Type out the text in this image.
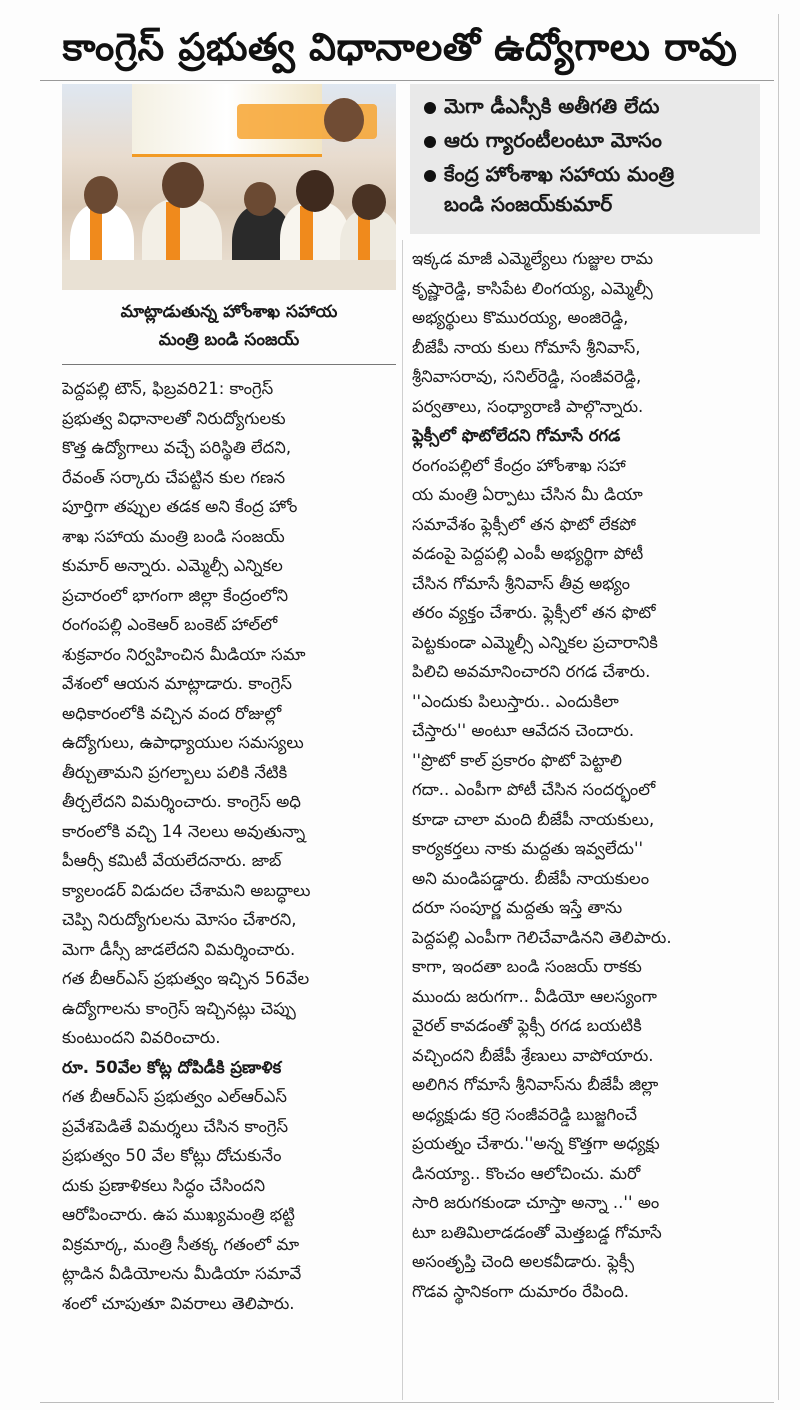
కాంగ్రెస్ ప్రభుత్వ విధానాలతో ఉద్యోగాలు రావు
మాట్లాడుతున్న హోంశాఖ సహాయ
మంత్రి బండి సంజయ్
మెగా డీఎస్సీకి అతీగతి లేదు
ఆరు గ్యారంటీలంటూ మోసం
కేంద్ర హోంశాఖ సహాయ మంత్రి
బండి సంజయ్‌కుమార్
పెద్దపల్లి టౌన్, ఫిబ్రవరి21: కాంగ్రెస్
ప్రభుత్వ విధానాలతో నిరుద్యోగులకు
కొత్త ఉద్యోగాలు వచ్చే పరిస్థితి లేదని,
రేవంత్ సర్కారు చేపట్టిన కుల గణన
పూర్తిగా తప్పుల తడక అని కేంద్ర హోం
శాఖ సహాయ మంత్రి బండి సంజయ్
కుమార్ అన్నారు. ఎమ్మెల్సీ ఎన్నికల
ప్రచారంలో భాగంగా జిల్లా కేంద్రంలోని
రంగంపల్లి ఎంకెఆర్ బంకెట్ హాల్‌లో
శుక్రవారం నిర్వహించిన మీడియా సమా
వేశంలో ఆయన మాట్లాడారు. కాంగ్రెస్
అధికారంలోకి వచ్చిన వంద రోజుల్లో
ఉద్యోగులు, ఉపాధ్యాయుల సమస్యలు
తీర్చుతామని ప్రగల్బాలు పలికి నేటికి
తీర్చలేదని విమర్శించారు. కాంగ్రెస్ అధి
కారంలోకి వచ్చి 14 నెలలు అవుతున్నా
పీఆర్సీ కమిటీ వేయలేదనారు. జాబ్
క్యాలండర్ విడుదల చేశామని అబద్ధాలు
చెప్పి నిరుద్యోగులను మోసం చేశారని,
మెగా డీస్సీ జాడలేదని విమర్శించారు.
గత బీఆర్ఎస్ ప్రభుత్వం ఇచ్చిన 56వేల
ఉద్యోగాలను కాంగ్రెస్ ఇచ్చినట్లు చెప్పు
కుంటుందని వివరించారు.
రూ. 50వేల కోట్ల దోపిడీకి ప్రణాళిక
గత బీఆర్ఎస్ ప్రభుత్వం ఎల్ఆర్ఎస్
ప్రవేశపెడితే విమర్శలు చేసిన కాంగ్రెస్
ప్రభుత్వం 50 వేల కోట్లు దోచుకునేం
దుకు ప్రణాళికలు సిద్ధం చేసిందని
ఆరోపించారు. ఉప ముఖ్యమంత్రి భట్టి
విక్రమార్క, మంత్రి సీతక్క గతంలో మా
ట్లాడిన వీడియోలను మీడియా సమావే
శంలో చూపుతూ వివరాలు తెలిపారు.
ఇక్కడ మాజీ ఎమ్మెల్యేలు గుజ్జుల రామ
కృష్ణారెడ్డి, కాసిపేట లింగయ్య, ఎమ్మెల్సీ
అభ్యర్థులు కొమురయ్య, అంజిరెడ్డి,
బీజేపీ నాయ కులు గోమాసే శ్రీనివాస్,
శ్రీనివాసరావు, సనిల్‌రెడ్డి, సంజీవరెడ్డి,
పర్వతాలు, సంధ్యారాణి పాల్గొన్నారు.
ఫ్లెక్సీలో ఫొటోలేదని గోమాసే రగడ
రంగంపల్లిలో కేంద్రం హోంశాఖ సహా
య మంత్రి ఏర్పాటు చేసిన మీ డియా
సమావేశం ఫ్లెక్సీలో తన ఫొటో లేకపో
వడంపై పెద్దపల్లి ఎంపీ అభ్యర్థిగా పోటీ
చేసిన గోమాసే శ్రీనివాస్ తీవ్ర అభ్యం
తరం వ్యక్తం చేశారు. ఫ్లెక్సీలో తన ఫొటో
పెట్టకుండా ఎమ్మెల్సీ ఎన్నికల ప్రచారానికి
పిలిచి అవమానించారని రగడ చేశారు.
''ఎందుకు పిలుస్తారు.. ఎందుకిలా
చేస్తారు'' అంటూ ఆవేదన చెందారు.
''ప్రొటో కాల్ ప్రకారం ఫొటో పెట్టాలి
గదా.. ఎంపీగా పోటీ చేసిన సందర్భంలో
కూడా చాలా మంది బీజేపీ నాయకులు,
కార్యకర్తలు నాకు మద్దతు ఇవ్వలేదు''
అని మండిపడ్డారు. బీజేపీ నాయకులం
దరూ సంపూర్ణ మద్దతు ఇస్తే తాను
పెద్దపల్లి ఎంపీగా గెలిచేవాడినని తెలిపారు.
కాగా, ఇందతా బండి సంజయ్ రాకకు
ముందు జరుగగా.. వీడియో ఆలస్యంగా
వైరల్ కావడంతో ఫ్లెక్సీ రగడ బయటికి
వచ్చిందని బీజేపీ శ్రేణులు వాపోయారు.
అలిగిన గోమాసే శ్రీనివాస్‌ను బీజేపీ జిల్లా
అధ్యక్షుడు కర్రె సంజీవరెడ్డి బుజ్జగించే
ప్రయత్నం చేశారు.''అన్న కొత్తగా అధ్యక్షు
డినయ్యా.. కొంచం ఆలోచించు. మరో
సారి జరుగకుండా చూస్తా అన్నా ..'' అం
టూ బతిమిలాడడంతో మెత్తబడ్డ గోమాసే
అసంతృప్తి చెంది అలకవీడారు. ఫ్లెక్సీ
గొడవ స్థానికంగా దుమారం రేపింది.
